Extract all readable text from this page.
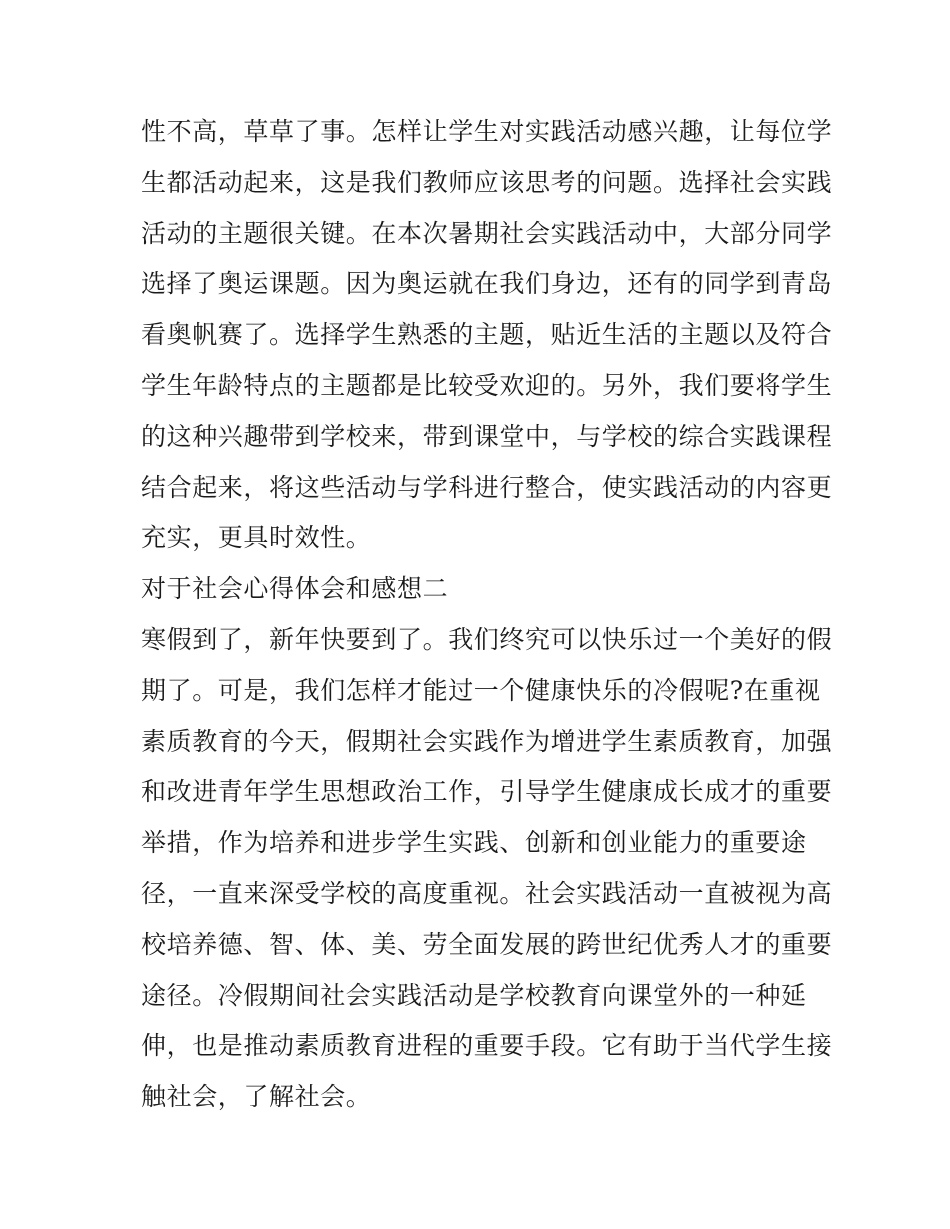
性不高，草草了事。怎样让学生对实践活动感兴趣，让每位学
生都活动起来，这是我们教师应该思考的问题。选择社会实践
活动的主题很关键。在本次暑期社会实践活动中，大部分同学
选择了奥运课题。因为奥运就在我们身边，还有的同学到青岛
看奥帆赛了。选择学生熟悉的主题，贴近生活的主题以及符合
学生年龄特点的主题都是比较受欢迎的。另外，我们要将学生
的这种兴趣带到学校来，带到课堂中，与学校的综合实践课程
结合起来，将这些活动与学科进行整合，使实践活动的内容更
充实，更具时效性。
对于社会心得体会和感想二
寒假到了，新年快要到了。我们终究可以快乐过一个美好的假
期了。可是，我们怎样才能过一个健康快乐的冷假呢?在重视
素质教育的今天，假期社会实践作为增进学生素质教育，加强
和改进青年学生思想政治工作，引导学生健康成长成才的重要
举措，作为培养和进步学生实践、创新和创业能力的重要途
径，一直来深受学校的高度重视。社会实践活动一直被视为高
校培养德、智、体、美、劳全面发展的跨世纪优秀人才的重要
途径。冷假期间社会实践活动是学校教育向课堂外的一种延
伸，也是推动素质教育进程的重要手段。它有助于当代学生接
触社会，了解社会。
